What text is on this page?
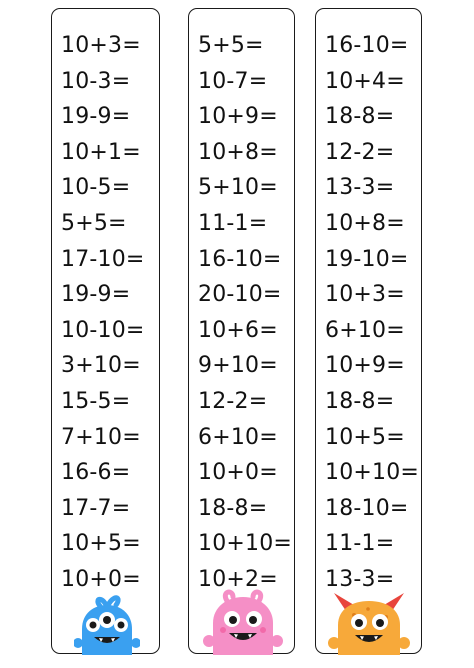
10+3=
10-3=
19-9=
10+1=
10-5=
5+5=
17-10=
19-9=
10-10=
3+10=
15-5=
7+10=
16-6=
17-7=
10+5=
10+0=
5+5=
10-7=
10+9=
10+8=
5+10=
11-1=
16-10=
20-10=
10+6=
9+10=
12-2=
6+10=
10+0=
18-8=
10+10=
10+2=
16-10=
10+4=
18-8=
12-2=
13-3=
10+8=
19-10=
10+3=
6+10=
10+9=
18-8=
10+5=
10+10=
18-10=
11-1=
13-3=
